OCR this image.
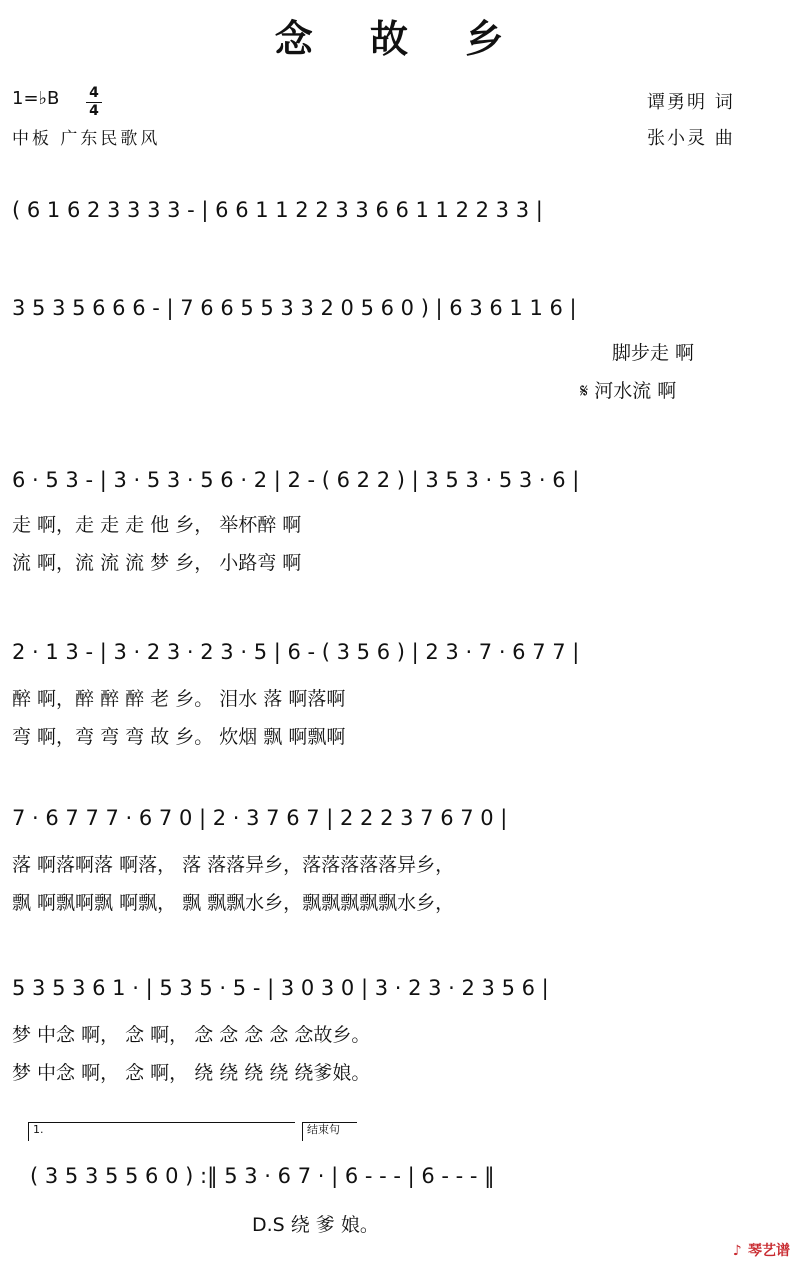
念 故 乡
1=♭B 4
4
中板 广东民歌风
谭勇明 词
张小灵 曲
( 6 1 6 2 3 3 3 3 - | 6 6 1 1 2 2 3 3 6 6 1 1 2 2 3 3 |
3 5 3 5 6 6 6 - | 7 6 6 5 5 3 3 2 0 5 6 0 ) | 6 3 6 1 1 6 |
脚步走 啊
𝄋 河水流 啊
6 · 5 3 - | 3 · 5 3 · 5 6 · 2 | 2 - ( 6 2 2 ) | 3 5 3 · 5 3 · 6 |
走 啊，走 走 走 他 乡， 举杯醉 啊
流 啊，流 流 流 梦 乡， 小路弯 啊
2 · 1 3 - | 3 · 2 3 · 2 3 · 5 | 6 - ( 3 5 6 ) | 2 3 · 7 · 6 7 7 |
醉 啊，醉 醉 醉 老 乡。 泪水 落 啊落啊
弯 啊，弯 弯 弯 故 乡。 炊烟 飘 啊飘啊
7 · 6 7 7 7 · 6 7 0 | 2 · 3 7 6 7 | 2 2 2 3 7 6 7 0 |
落 啊落啊落 啊落， 落 落落异乡，落落落落落异乡，
飘 啊飘啊飘 啊飘， 飘 飘飘水乡，飘飘飘飘飘水乡，
5 3 5 3 6 1 · | 5 3 5 · 5 - | 3 0 3 0 | 3 · 2 3 · 2 3 5 6 |
梦 中念 啊， 念 啊， 念 念 念 念 念故乡。
梦 中念 啊， 念 啊， 绕 绕 绕 绕 绕爹娘。
1.	结束句
( 3 5 3 5 5 6 0 ) :‖ 5 3 · 6 7 · | 6 - - - | 6 - - - ‖
D.S 绕 爹 娘。
♪ 琴艺谱
